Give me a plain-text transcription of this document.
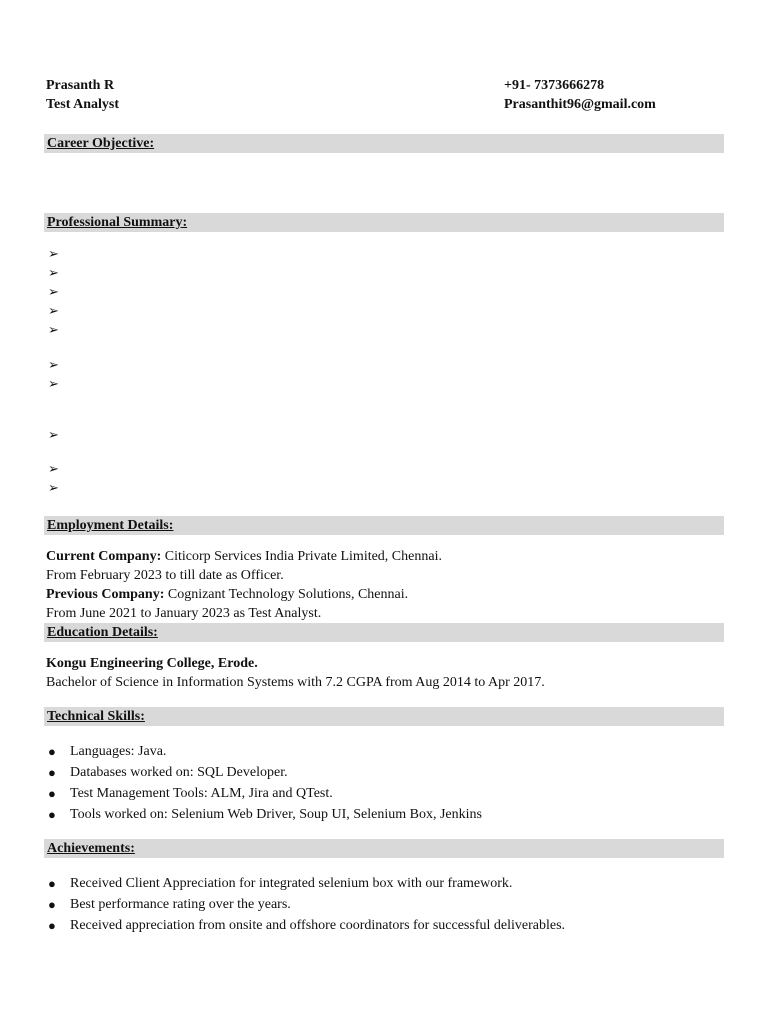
Prasanth R
Test Analyst
+91- 7373666278
Prasanthit96@gmail.com
Career Objective:
Professional Summary:
➢
➢
➢
➢
➢
➢
➢
➢
➢
➢
Employment Details:
Current Company: Citicorp Services India Private Limited, Chennai.
From February 2023 to till date as Officer.
Previous Company: Cognizant Technology Solutions, Chennai.
From June 2021 to January 2023 as Test Analyst.
Education Details:
Kongu Engineering College, Erode.
Bachelor of Science in Information Systems with 7.2 CGPA from Aug 2014 to Apr 2017.
Technical Skills:
● Languages: Java.
● Databases worked on: SQL Developer.
● Test Management Tools: ALM, Jira and QTest.
● Tools worked on: Selenium Web Driver, Soup UI, Selenium Box, Jenkins
Achievements:
● Received Client Appreciation for integrated selenium box with our framework.
● Best performance rating over the years.
● Received appreciation from onsite and offshore coordinators for successful deliverables.
